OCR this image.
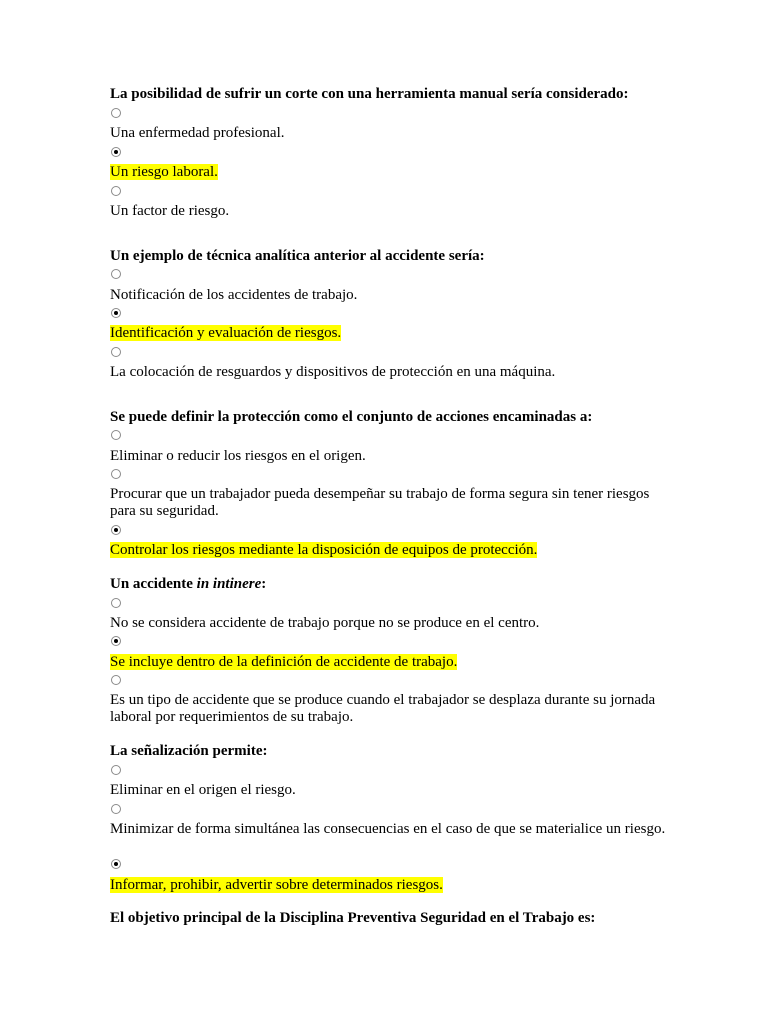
La posibilidad de sufrir un corte con una herramienta manual sería considerado:
Una enfermedad profesional.
Un riesgo laboral.
Un factor de riesgo.
Un ejemplo de técnica analítica anterior al accidente sería:
Notificación de los accidentes de trabajo.
Identificación y evaluación de riesgos.
La colocación de resguardos y dispositivos de protección en una máquina.
Se puede definir la protección como el conjunto de acciones encaminadas a:
Eliminar o reducir los riesgos en el origen.
Procurar que un trabajador pueda desempeñar su trabajo de forma segura sin tener riesgos para su seguridad.
Controlar los riesgos mediante la disposición de equipos de protección.
Un accidente in intinere:
No se considera accidente de trabajo porque no se produce en el centro.
Se incluye dentro de la definición de accidente de trabajo.
Es un tipo de accidente que se produce cuando el trabajador se desplaza durante su jornada laboral por requerimientos de su trabajo.
La señalización permite:
Eliminar en el origen el riesgo.
Minimizar de forma simultánea las consecuencias en el caso de que se materialice un riesgo.
Informar, prohibir, advertir sobre determinados riesgos.
El objetivo principal de la Disciplina Preventiva Seguridad en el Trabajo es:
